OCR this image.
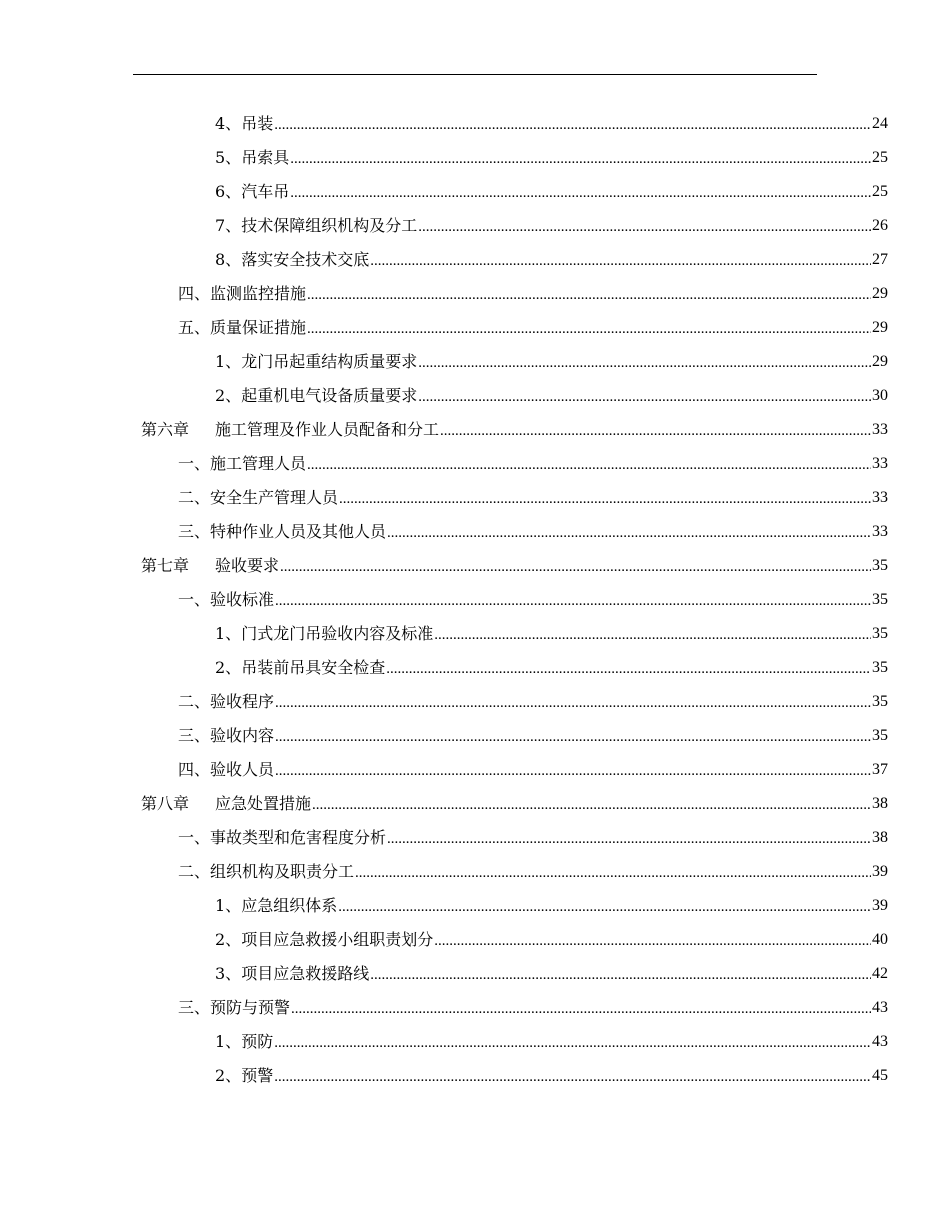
4、 吊装 .....	24
5、 吊索具 .....	25
6、 汽车吊 .....	25
7、 技术保障组织机构及分工 .....	26
8、 落实安全技术交底 .....	27
四、 监测监控措施 .....	29
五、 质量保证措施 .....	29
1、 龙门吊起重结构质量要求 .....	29
2、 起重机电气设备质量要求 .....	30
第六章	施工管理及作业人员配备和分工 .....	33
一、 施工管理人员 .....	33
二、 安全生产管理人员 .....	33
三、 特种作业人员及其他人员 .....	33
第七章	验收要求 .....	35
一、 验收标准 .....	35
1、 门式龙门吊验收内容及标准 .....	35
2、 吊装前吊具安全检查 .....	35
二、 验收程序 .....	35
三、 验收内容 .....	35
四、 验收人员 .....	37
第八章	应急处置措施 .....	38
一、 事故类型和危害程度分析 .....	38
二、 组织机构及职责分工 .....	39
1、 应急组织体系 .....	39
2、 项目应急救援小组职责划分 .....	40
3、 项目应急救援路线 .....	42
三、 预防与预警 .....	43
1、 预防 .....	43
2、 预警 .....	45
